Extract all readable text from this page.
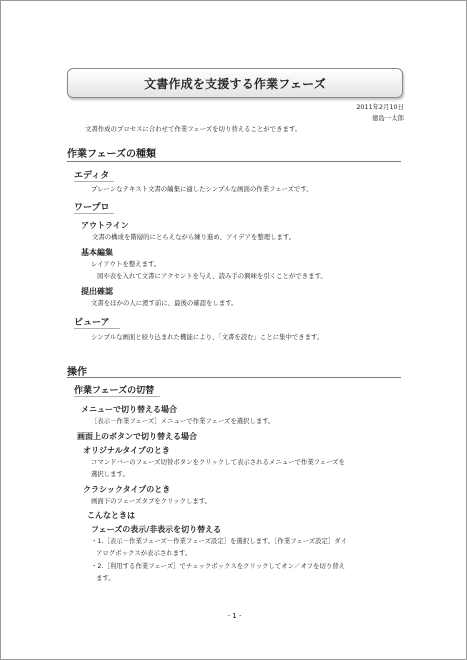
文書作成を支援する作業フェーズ
2011年2月10日
徳島一太郎
文書作成のプロセスに合わせて作業フェーズを切り替えることができます。
作業フェーズの種類
エディタ
プレーンなテキスト文書の編集に適したシンプルな画面の作業フェーズです。
ワープロ
アウトライン
文書の構成を階層的にとらえながら練り進め、アイデアを整理します。
基本編集
レイアウトを整えます。
図や表を入れて文書にアクセントを与え、読み手の興味を引くことができます。
提出確認
文書をほかの人に渡す前に、最後の確認をします。
ビューア
シンプルな画面と絞り込まれた機能により、「文書を読む」ことに集中できます。
操作
作業フェーズの切替
メニューで切り替える場合
［表示－作業フェーズ］メニューで作業フェーズを選択します。
画面上のボタンで切り替える場合
オリジナルタイプのとき
コマンドバーのフェーズ切替ボタンをクリックして表示されるメニューで作業フェーズを
選択します。
クラシックタイプのとき
画面下のフェーズタブをクリックします。
こんなときは
フェーズの表示/非表示を切り替える
・1.［表示－作業フェーズ－作業フェーズ設定］を選択します。［作業フェーズ設定］ダイ
アログボックスが表示されます。
・2.［利用する作業フェーズ］でチェックボックスをクリックしてオン／オフを切り替え
ます。
- 1 -
